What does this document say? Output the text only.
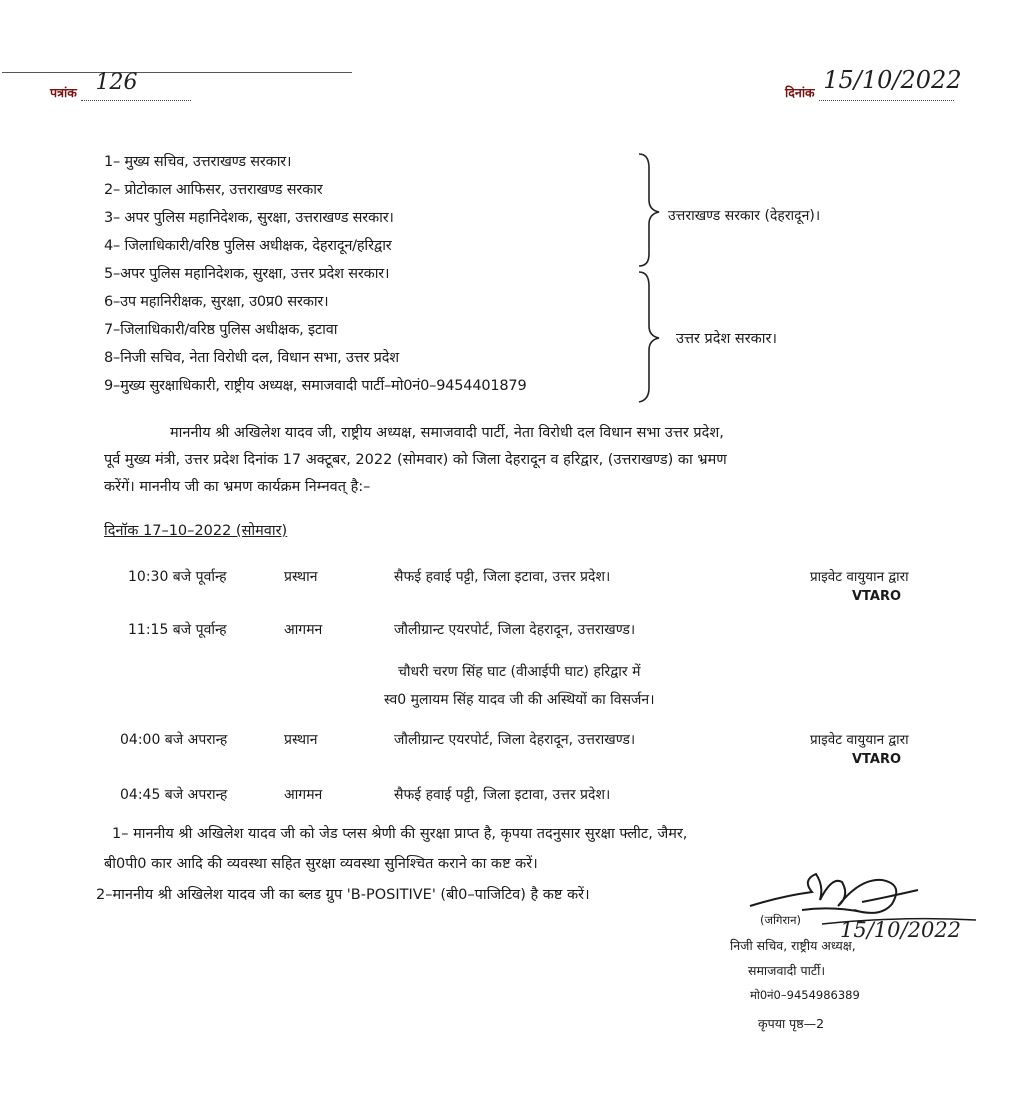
पत्रांक 126	दिनांक 15/10/2022
1– मुख्य सचिव, उत्तराखण्ड सरकार।
2– प्रोटोकाल आफिसर, उत्तराखण्ड सरकार
3– अपर पुलिस महानिदेशक, सुरक्षा, उत्तराखण्ड सरकार।
4– जिलाधिकारी/वरिष्ठ पुलिस अधीक्षक, देहरादून/हरिद्वार
5–अपर पुलिस महानिदेशक, सुरक्षा, उत्तर प्रदेश सरकार।
6–उप महानिरीक्षक, सुरक्षा, उ0प्र0 सरकार।
7–जिलाधिकारी/वरिष्ठ पुलिस अधीक्षक, इटावा
8–निजी सचिव, नेता विरोधी दल, विधान सभा, उत्तर प्रदेश
9–मुख्य सुरक्षाधिकारी, राष्ट्रीय अध्यक्ष, समाजवादी पार्टी–मो0नं0–9454401879
उत्तराखण्ड सरकार (देहरादून)।
उत्तर प्रदेश सरकार।
माननीय श्री अखिलेश यादव जी, राष्ट्रीय अध्यक्ष, समाजवादी पार्टी, नेता विरोधी दल विधान सभा उत्तर प्रदेश,
पूर्व मुख्य मंत्री, उत्तर प्रदेश दिनांक 17 अक्टूबर, 2022 (सोमवार) को जिला देहरादून व हरिद्वार, (उत्तराखण्ड) का भ्रमण
करेंगें। माननीय जी का भ्रमण कार्यक्रम निम्नवत् है:–
दिनॉक 17–10–2022 (सोमवार)
10:30 बजे पूर्वान्ह	प्रस्थान	सैफई हवाई पट्टी, जिला इटावा, उत्तर प्रदेश।	प्राइवेट वायुयान द्वारा
VTARO
11:15 बजे पूर्वान्ह	आगमन	जौलीग्रान्ट एयरपोर्ट, जिला देहरादून, उत्तराखण्ड।
चौधरी चरण सिंह घाट (वीआईपी घाट) हरिद्वार में
स्व0 मुलायम सिंह यादव जी की अस्थियों का विसर्जन।
04:00 बजे अपरान्ह	प्रस्थान	जौलीग्रान्ट एयरपोर्ट, जिला देहरादून, उत्तराखण्ड।	प्राइवेट वायुयान द्वारा
VTARO
04:45 बजे अपरान्ह	आगमन	सैफई हवाई पट्टी, जिला इटावा, उत्तर प्रदेश।
1– माननीय श्री अखिलेश यादव जी को जेड प्लस श्रेणी की सुरक्षा प्राप्त है, कृपया तदनुसार सुरक्षा फ्लीट, जैमर,
बी0पी0 कार आदि की व्यवस्था सहित सुरक्षा व्यवस्था सुनिश्चित कराने का कष्ट करें।
2–माननीय श्री अखिलेश यादव जी का ब्लड ग्रुप 'B-POSITIVE' (बी0–पाजिटिव) है कष्ट करें।
(जगिरान) 15/10/2022
निजी सचिव, राष्ट्रीय अध्यक्ष,
समाजवादी पार्टी।
मो0नं0–9454986389
कृपया पृष्ठ—2
